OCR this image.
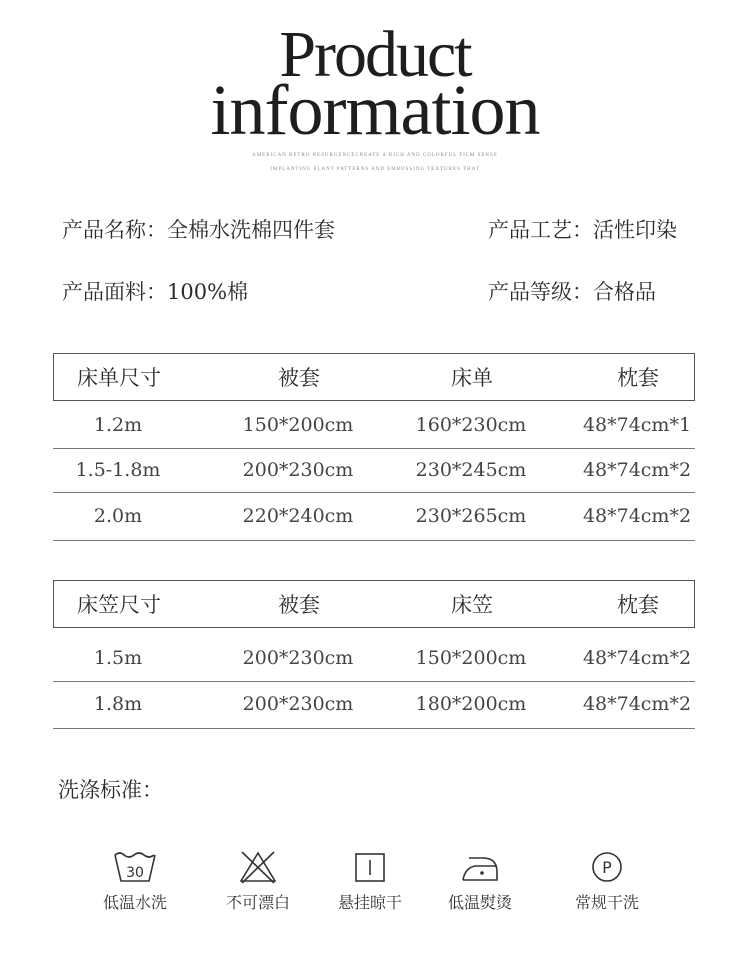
Product
information
AMERICAN RETRO RESURGENCECREATE A RICH AND COLORFUL FILM SENSE
IMPLANTING PLANT PATTERNS AND EMBOSSING TEXTURES THAT
产品名称：全棉水洗棉四件套	产品工艺：活性印染
产品面料：100%棉	产品等级：合格品
床单尺寸	被套	床单	枕套
1.2m	150*200cm	160*230cm	48*74cm*1
1.5-1.8m	200*230cm	230*245cm	48*74cm*2
2.0m	220*240cm	230*265cm	48*74cm*2
床笠尺寸	被套	床笠	枕套
1.5m	200*230cm	150*200cm	48*74cm*2
1.8m	200*230cm	180*200cm	48*74cm*2
洗涤标准：
30
低温水洗	不可漂白	悬挂晾干	低温熨烫
P
常规干洗
